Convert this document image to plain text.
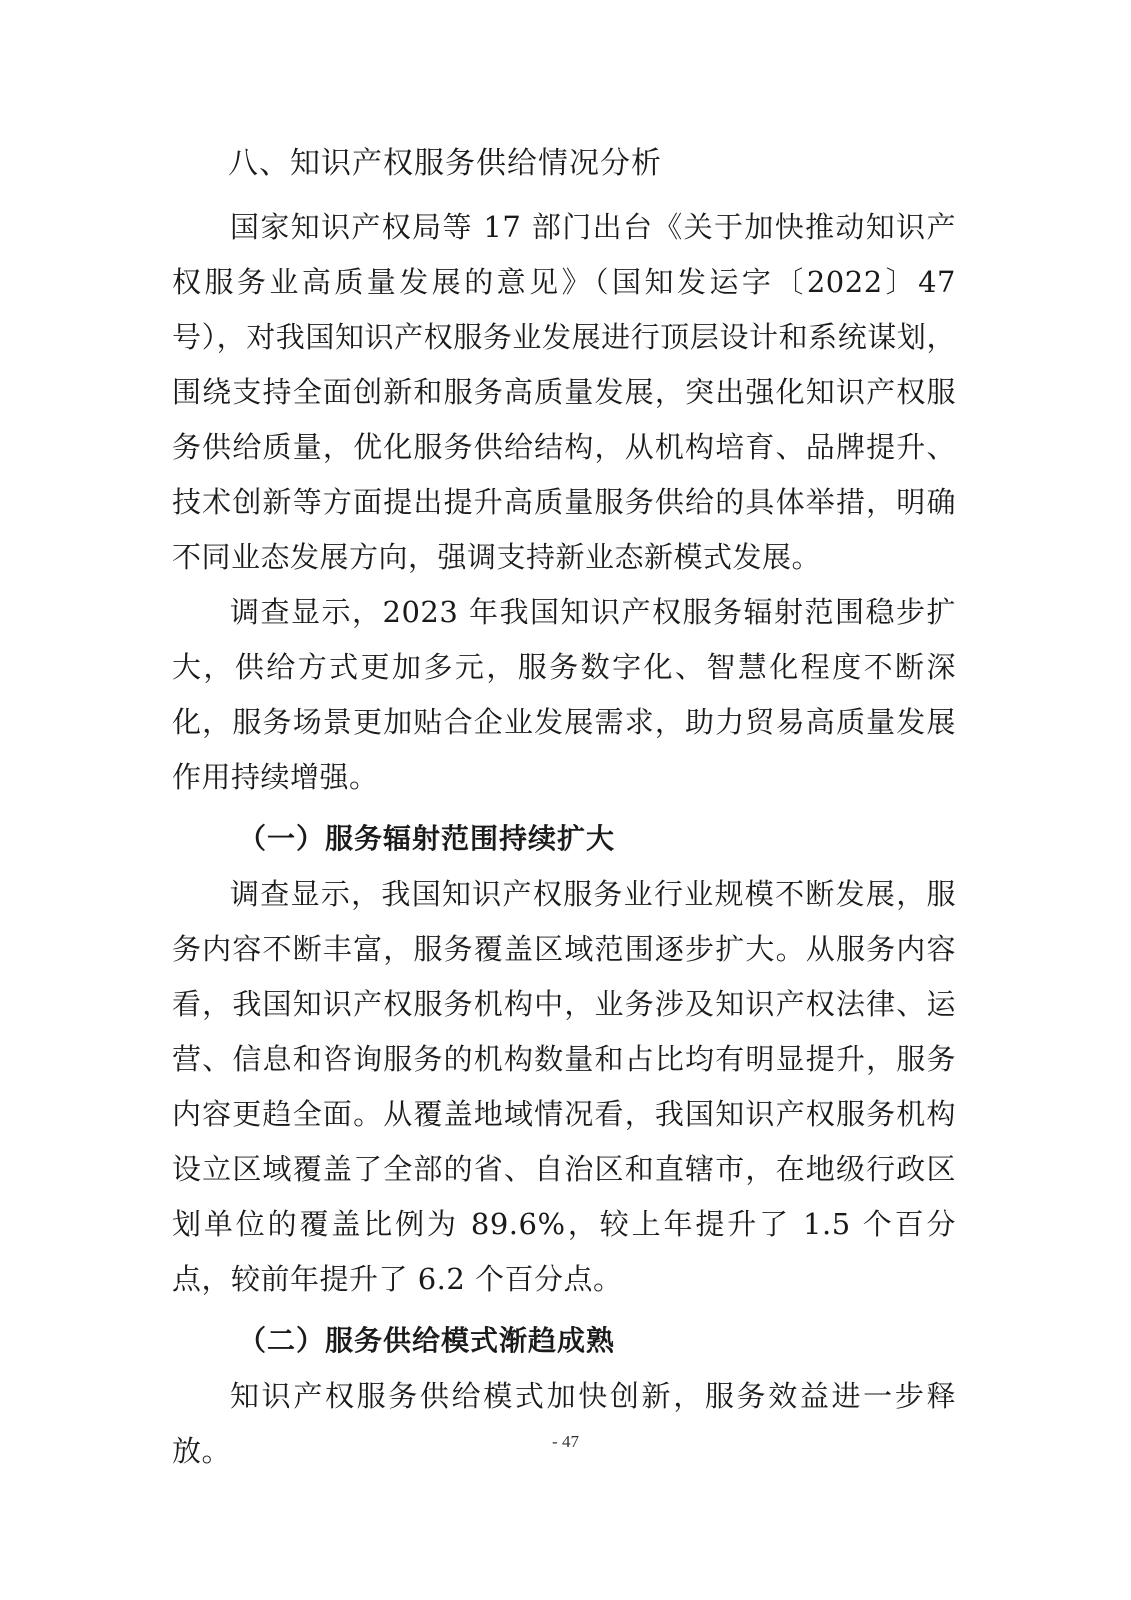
八、知识产权服务供给情况分析

国家知识产权局等 17 部门出台《关于加快推动知识产权服务业高质量发展的意见》（国知发运字〔2022〕47 号），对我国知识产权服务业发展进行顶层设计和系统谋划，围绕支持全面创新和服务高质量发展，突出强化知识产权服务供给质量，优化服务供给结构，从机构培育、品牌提升、技术创新等方面提出提升高质量服务供给的具体举措，明确不同业态发展方向，强调支持新业态新模式发展。

调查显示，2023 年我国知识产权服务辐射范围稳步扩大，供给方式更加多元，服务数字化、智慧化程度不断深化，服务场景更加贴合企业发展需求，助力贸易高质量发展作用持续增强。

（一）服务辐射范围持续扩大

调查显示，我国知识产权服务业行业规模不断发展，服务内容不断丰富，服务覆盖区域范围逐步扩大。从服务内容看，我国知识产权服务机构中，业务涉及知识产权法律、运营、信息和咨询服务的机构数量和占比均有明显提升，服务内容更趋全面。从覆盖地域情况看，我国知识产权服务机构设立区域覆盖了全部的省、自治区和直辖市，在地级行政区划单位的覆盖比例为 89.6%，较上年提升了 1.5 个百分点，较前年提升了 6.2 个百分点。

（二）服务供给模式渐趋成熟

知识产权服务供给模式加快创新，服务效益进一步释放。	- 47
